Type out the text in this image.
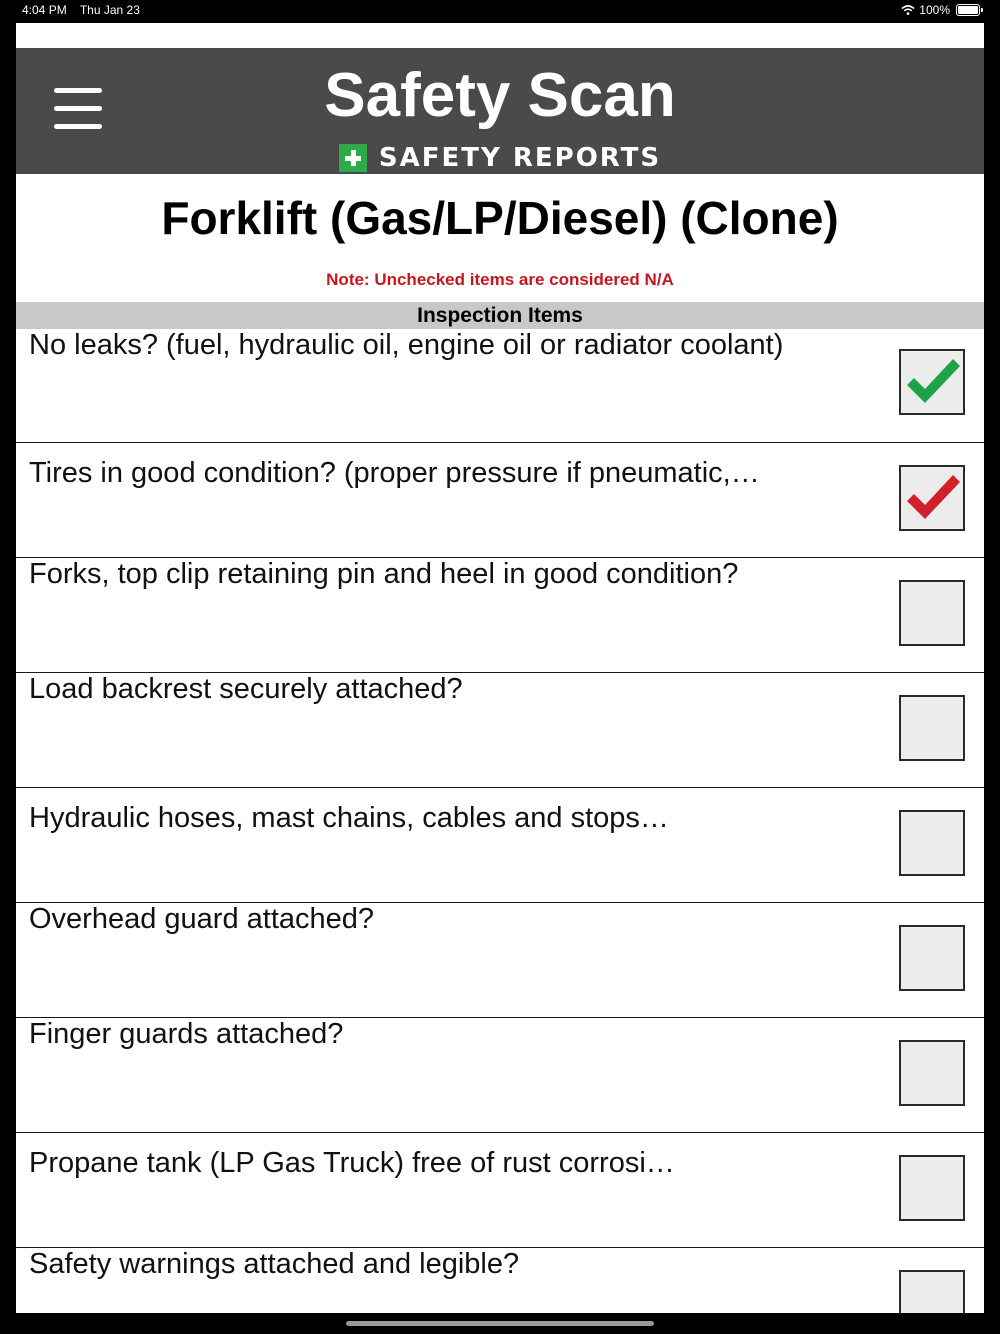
4:04 PM Thu Jan 23	100%
Safety Scan
SAFETY REPORTS
Forklift (Gas/LP/Diesel) (Clone)
Note: Unchecked items are considered N/A
Inspection Items
No leaks? (fuel, hydraulic oil, engine oil or radiator coolant)
Tires in good condition? (proper pressure if pneumatic,…
Forks, top clip retaining pin and heel in good condition?
Load backrest securely attached?
Hydraulic hoses, mast chains, cables and stops…
Overhead guard attached?
Finger guards attached?
Propane tank (LP Gas Truck) free of rust corrosi…
Safety warnings attached and legible?
